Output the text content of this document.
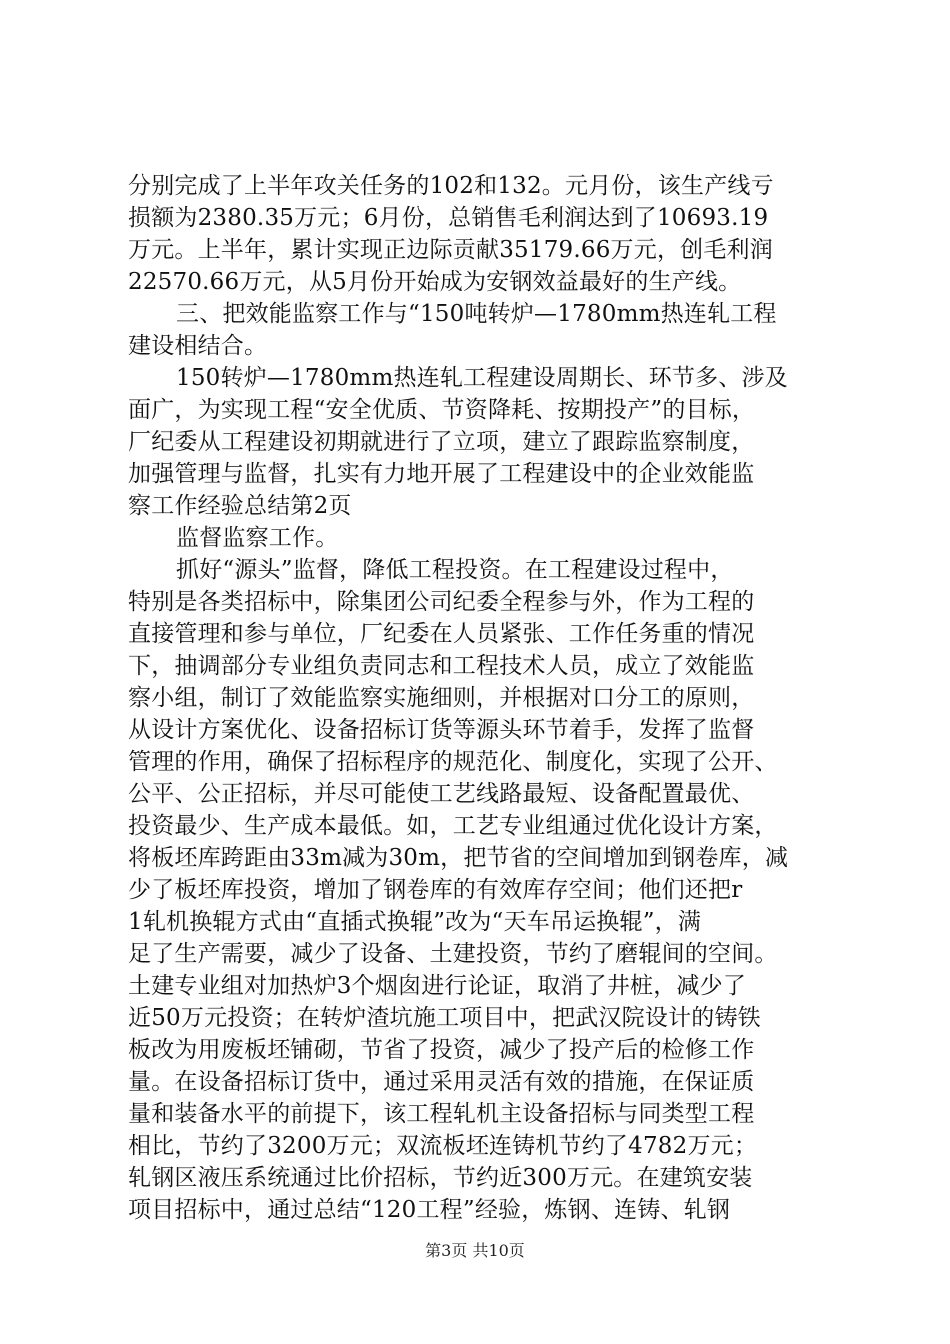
分别完成了上半年攻关任务的102和132。元月份，该生产线亏
损额为2380.35万元；6月份，总销售毛利润达到了10693.19
万元。上半年，累计实现正边际贡献35179.66万元，创毛利润
22570.66万元，从5月份开始成为安钢效益最好的生产线。
三、把效能监察工作与“150吨转炉—1780mm热连轧工程
建设相结合。
150转炉—1780mm热连轧工程建设周期长、环节多、涉及
面广，为实现工程“安全优质、节资降耗、按期投产”的目标，
厂纪委从工程建设初期就进行了立项，建立了跟踪监察制度，
加强管理与监督，扎实有力地开展了工程建设中的企业效能监
察工作经验总结第2页
监督监察工作。
抓好“源头”监督，降低工程投资。在工程建设过程中，
特别是各类招标中，除集团公司纪委全程参与外，作为工程的
直接管理和参与单位，厂纪委在人员紧张、工作任务重的情况
下，抽调部分专业组负责同志和工程技术人员，成立了效能监
察小组，制订了效能监察实施细则，并根据对口分工的原则，
从设计方案优化、设备招标订货等源头环节着手，发挥了监督
管理的作用，确保了招标程序的规范化、制度化，实现了公开、
公平、公正招标，并尽可能使工艺线路最短、设备配置最优、
投资最少、生产成本最低。如，工艺专业组通过优化设计方案，
将板坯库跨距由33m减为30m，把节省的空间增加到钢卷库，减
少了板坯库投资，增加了钢卷库的有效库存空间；他们还把r
1轧机换辊方式由“直插式换辊”改为“天车吊运换辊”，满
足了生产需要，减少了设备、土建投资，节约了磨辊间的空间。
土建专业组对加热炉3个烟囱进行论证，取消了井桩，减少了
近50万元投资；在转炉渣坑施工项目中，把武汉院设计的铸铁
板改为用废板坯铺砌，节省了投资，减少了投产后的检修工作
量。在设备招标订货中，通过采用灵活有效的措施，在保证质
量和装备水平的前提下，该工程轧机主设备招标与同类型工程
相比，节约了3200万元；双流板坯连铸机节约了4782万元；
轧钢区液压系统通过比价招标，节约近300万元。在建筑安装
项目招标中，通过总结“120工程”经验，炼钢、连铸、轧钢
第3页 共10页
